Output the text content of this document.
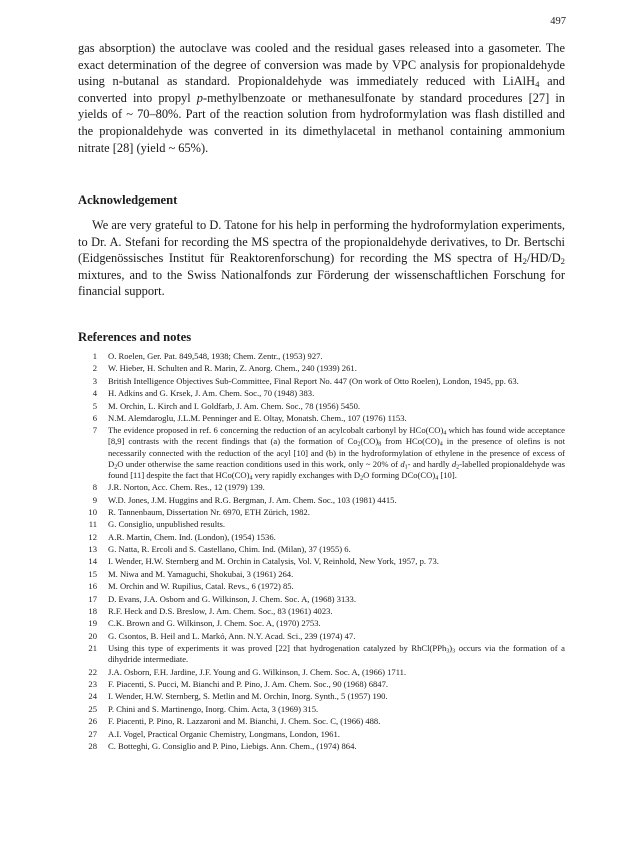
497

gas absorption) the autoclave was cooled and the residual gases released into a gasometer. The exact determination of the degree of conversion was made by VPC analysis for propionaldehyde using n-butanal as standard. Propionaldehyde was immediately reduced with LiAlH$_4$ and converted into propyl p-methylbenzoate or methanesulfonate by standard procedures [27] in yields of ~ 70–80%. Part of the reaction solution from hydroformylation was flash distilled and the propionaldehyde was converted in its dimethylacetal in methanol containing ammonium nitrate [28] (yield ~ 65%).

Acknowledgement

We are very grateful to D. Tatone for his help in performing the hydroformylation experiments, to Dr. A. Stefani for recording the MS spectra of the propionaldehyde derivatives, to Dr. Bertschi (Eidgenössisches Institut für Reaktorenforschung) for recording the MS spectra of $H_2/HD/D_2$ mixtures, and to the Swiss Nationalfonds zur Förderung der wissenschaftlichen Forschung for financial support.

References and notes
1 O. Roelen, Ger. Pat. 849,548, 1938; Chem. Zentr., (1953) 927.
2 W. Hieber, H. Schulten and R. Marin, Z. Anorg. Chem., 240 (1939) 261.
3 British Intelligence Objectives Sub-Committee, Final Report No. 447 (On work of Otto Roelen), London, 1945, pp. 63.
4 H. Adkins and G. Krsek, J. Am. Chem. Soc., 70 (1948) 383.
5 M. Orchin, L. Kirch and I. Goldfarb, J. Am. Chem. Soc., 78 (1956) 5450.
6 N.M. Alemdaroglu, J.L.M. Penninger and E. Oltay, Monatsh. Chem., 107 (1976) 1153.
7 The evidence proposed in ref. 6 concerning the reduction of an acylcobalt carbonyl by $HCo(CO)_4$ which has found wide acceptance [8,9] contrasts with the recent findings that (a) the formation of $Co_2(CO)_8$ from $HCo(CO)_4$ in the presence of olefins is not necessarily connected with the reduction of the acyl [10] and (b) in the hydroformylation of ethylene in the presence of excess of $D_2O$ under otherwise the same reaction conditions used in this work, only ~ 20% of $d_1-$ and hardly $d_2$-labelled propionaldehyde was found [11] despite the fact that $HCo(CO)_4$ very rapidly exchanges with $D_2O$ forming $DCo(CO)_4$ [10].
8 J.R. Norton, Acc. Chem. Res., 12 (1979) 139.
9 W.D. Jones, J.M. Huggins and R.G. Bergman, J. Am. Chem. Soc., 103 (1981) 4415.
10 R. Tannenbaum, Dissertation Nr. 6970, ETH Zürich, 1982.
11 G. Consiglio, unpublished results.
12 A.R. Martin, Chem. Ind. (London), (1954) 1536.
13 G. Natta, R. Ercoli and S. Castellano, Chim. Ind. (Milan), 37 (1955) 6.
14 I. Wender, H.W. Sternberg and M. Orchin in Catalysis, Vol. V, Reinhold, New York, 1957, p. 73.
15 M. Niwa and M. Yamaguchi, Shokubai, 3 (1961) 264.
16 M. Orchin and W. Rupilius, Catal. Revs., 6 (1972) 85.
17 D. Evans, J.A. Osborn and G. Wilkinson, J. Chem. Soc. A, (1968) 3133.
18 R.F. Heck and D.S. Breslow, J. Am. Chem. Soc., 83 (1961) 4023.
19 C.K. Brown and G. Wilkinson, J. Chem. Soc. A, (1970) 2753.
20 G. Csontos, B. Heil and L. Markó, Ann. N.Y. Acad. Sci., 239 (1974) 47.
21 Using this type of experiments it was proved [22] that hydrogenation catalyzed by $RhCl(PPh_3)_3$ occurs via the formation of a dihydride intermediate.
22 J.A. Osborn, F.H. Jardine, J.F. Young and G. Wilkinson, J. Chem. Soc. A, (1966) 1711.
23 F. Piacenti, S. Pucci, M. Bianchi and P. Pino, J. Am. Chem. Soc., 90 (1968) 6847.
24 I. Wender, H.W. Sternberg, S. Metlin and M. Orchin, Inorg. Synth., 5 (1957) 190.
25 P. Chini and S. Martinengo, Inorg. Chim. Acta, 3 (1969) 315.
26 F. Piacenti, P. Pino, R. Lazzaroni and M. Bianchi, J. Chem. Soc. C, (1966) 488.
27 A.I. Vogel, Practical Organic Chemistry, Longmans, London, 1961.
28 C. Botteghi, G. Consiglio and P. Pino, Liebigs. Ann. Chem., (1974) 864.
